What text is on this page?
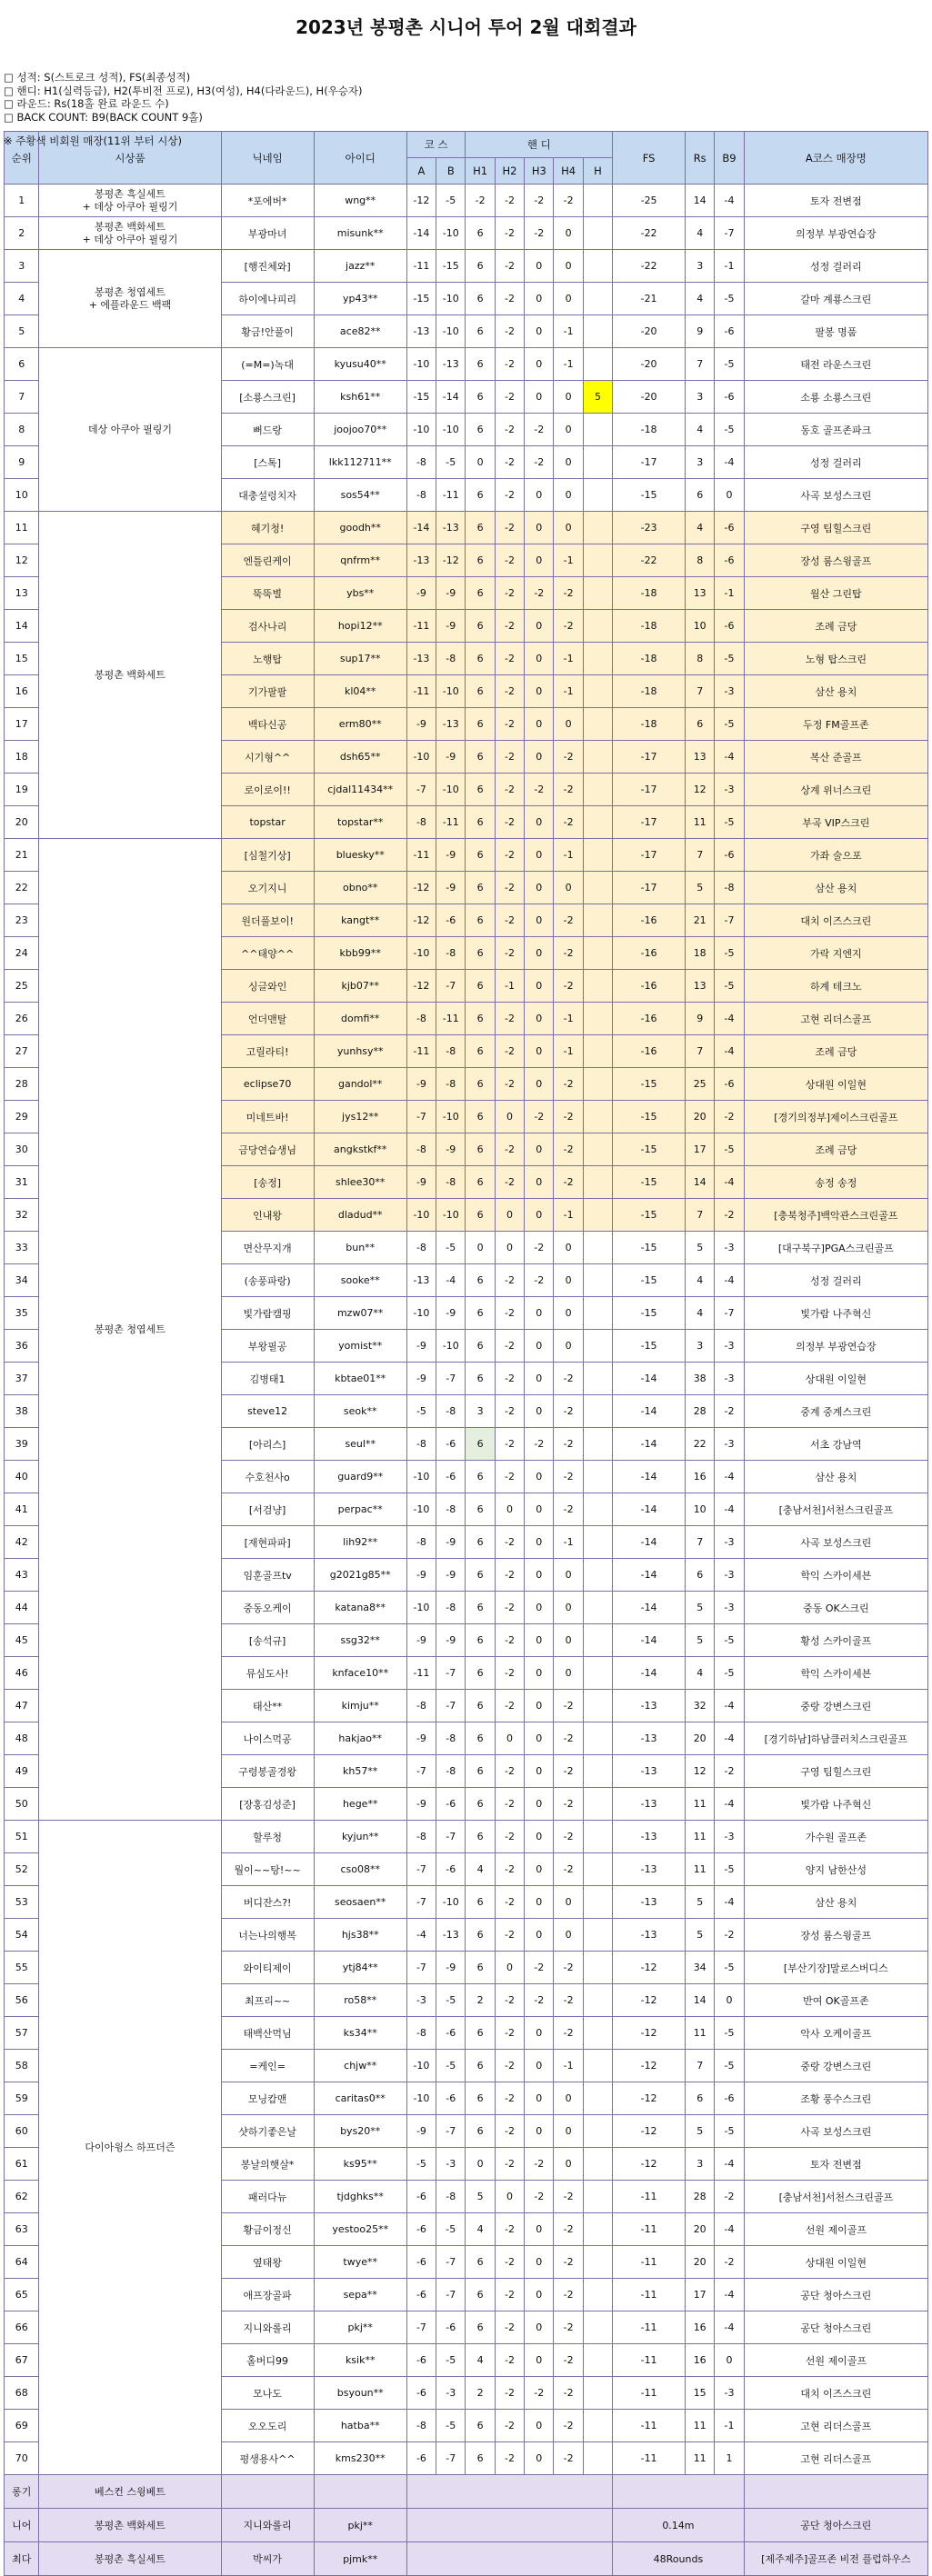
2023년 봉평촌 시니어 투어 2월 대회결과
□ 성적: S(스트로크 성적), FS(최종성적)
□ 핸디: H1(실력등급), H2(투비전 프로), H3(여성), H4(다라운드), H(우승자)
□ 라운드: Rs(18홀 완료 라운드 수)
□ BACK COUNT: B9(BACK COUNT 9홀)
※ 주황색 비회원 매장(11위 부터 시상)
순위	시상품	닉네임	아이디	코 스		핸 디					FS	Rs	B9	A코스 매장명
				A	B	H1	H2	H3	H4	H				
1	봉평촌 흑실세트
+ 데상 아쿠아 필링기	*포에버*	wng**	-12	-5	-2	-2	-2	-2		-25	14	-4	토자 전변점
2	봉평촌 백화세트
+ 데상 아쿠아 필링기	부광마녀	misunk**	-14	-10	6	-2	-2	0		-22	4	-7	의정부 부광연습장
3	봉평촌 청엽세트
+ 에플라운드 백팩	[행진체와]	jazz**	-11	-15	6	-2	0	0		-22	3	-1	성정 걸러리
4		하이에나피리	yp43**	-15	-10	6	-2	0	0		-21	4	-5	갈마 계룡스크린
5		황금!안풀이	ace82**	-13	-10	6	-2	0	-1		-20	9	-6	팔봉 명품
6	데상 아쿠아 필링기	(=M=)녹대	kyusu40**	-10	-13	6	-2	0	-1		-20	7	-5	태전 라운스크린
7		[소룡스크린]	ksh61**	-15	-14	6	-2	0	0	5	-20	3	-6	소룡 소룡스크린
8		뻐드랑	joojoo70**	-10	-10	6	-2	-2	0		-18	4	-5	동호 골프존파크
9		[스톡]	lkk112711**	-8	-5	0	-2	-2	0		-17	3	-4	성정 걸러리
10		대충설렁치자	sos54**	-8	-11	6	-2	0	0		-15	6	0	사곡 보성스크린
11	봉평촌 백화세트	혜기청!	goodh**	-14	-13	6	-2	0	0		-23	4	-6	구영 팀힐스크린
12		엔틀린케이	qnfrm**	-13	-12	6	-2	0	-1		-22	8	-6	장성 룸스윙골프
13		뚝뚝별	ybs**	-9	-9	6	-2	-2	-2		-18	13	-1	월산 그린탑
14		검사나리	hopi12**	-11	-9	6	-2	0	-2		-18	10	-6	조례 금당
15		노행탑	sup17**	-13	-8	6	-2	0	-1		-18	8	-5	노형 탑스크린
16		기가팔팔	kl04**	-11	-10	6	-2	0	-1		-18	7	-3	삼산 용치
17		백타신공	erm80**	-9	-13	6	-2	0	0		-18	6	-5	두정 FM골프존
18		시기형^^	dsh65**	-10	-9	6	-2	0	-2		-17	13	-4	복산 준골프
19		로이로이!!	cjdal11434**	-7	-10	6	-2	-2	-2		-17	12	-3	상계 위너스크린
20		topstar	topstar**	-8	-11	6	-2	0	-2		-17	11	-5	부곡 VIP스크린
21	봉평촌 청엽세트	[심철기상]	bluesky**	-11	-9	6	-2	0	-1		-17	7	-6	가좌 술으포
22		오기지니	obno**	-12	-9	6	-2	0	0		-17	5	-8	삼산 용치
23		원더풀보이!	kangt**	-12	-6	6	-2	0	-2		-16	21	-7	대치 이즈스크린
24		^^태양^^	kbb99**	-10	-8	6	-2	0	-2		-16	18	-5	가락 지엔지
25		싱글와인	kjb07**	-12	-7	6	-1	0	-2		-16	13	-5	하계 테크노
26		언더맨탈	domfi**	-8	-11	6	-2	0	-1		-16	9	-4	고현 리더스골프
27		고릴라티!	yunhsy**	-11	-8	6	-2	0	-1		-16	7	-4	조례 금당
28		eclipse70	gandol**	-9	-8	6	-2	0	-2		-15	25	-6	상대원 이일현
29		미네트바!	jys12**	-7	-10	6	0	-2	-2		-15	20	-2	[경기의정부]제이스크린골프
30		금당연습생님	angkstkf**	-8	-9	6	-2	0	-2		-15	17	-5	조례 금당
31		[송정]	shlee30**	-9	-8	6	-2	0	-2		-15	14	-4	송정 송정
32		인내왕	dladud**	-10	-10	6	0	0	-1		-15	7	-2	[충북청주]백악관스크린골프
33		면산무지개	bun**	-8	-5	0	0	-2	0		-15	5	-3	[대구북구]PGA스크린골프
34		(송풍파랑)	sooke**	-13	-4	6	-2	-2	0		-15	4	-4	성정 걸러리
35		빛가람캠핑	mzw07**	-10	-9	6	-2	0	0		-15	4	-7	빛가람 나주혁신
36		부왕필공	yomist**	-9	-10	6	-2	0	0		-15	3	-3	의정부 부광연습장
37		김병태1	kbtae01**	-9	-7	6	-2	0	-2		-14	38	-3	상대원 이일현
38		steve12	seok**	-5	-8	3	-2	0	-2		-14	28	-2	중계 중계스크린
39		[아리스]	seul**	-8	-6	6	-2	-2	-2		-14	22	-3	서초 강남역
40		수호천사o	guard9**	-10	-6	6	-2	0	-2		-14	16	-4	삼산 용치
41		[서검냥]	perpac**	-10	-8	6	0	0	-2		-14	10	-4	[충남서천]서천스크린골프
42		[재현파파]	lih92**	-8	-9	6	-2	0	-1		-14	7	-3	사곡 보성스크린
43		임훈골프tv	g2021g85**	-9	-9	6	-2	0	0		-14	6	-3	학익 스카이세븐
44		중동오케이	katana8**	-10	-8	6	-2	0	0		-14	5	-3	중동 OK스크린
45		[송석규]	ssg32**	-9	-9	6	-2	0	0		-14	5	-5	황성 스카이골프
46		뮤심도사!	knface10**	-11	-7	6	-2	0	0		-14	4	-5	학익 스카이세븐
47		태산**	kimju**	-8	-7	6	-2	0	-2		-13	32	-4	중랑 강변스크린
48		나이스먹공	hakjao**	-9	-8	6	0	0	-2		-13	20	-4	[경기하남]하남클러치스크린골프
49		구령봉골경왕	kh57**	-7	-8	6	-2	0	-2		-13	12	-2	구영 팀힐스크린
50		[장홍김성준]	hege**	-9	-6	6	-2	0	-2		-13	11	-4	빛가람 나주혁신
51	다이아윙스 하프더즌	할루청	kyjun**	-8	-7	6	-2	0	-2		-13	11	-3	가수원 골프존
52		뭘이~~탕!~~	cso08**	-7	-6	4	-2	0	-2		-13	11	-5	양지 남한산성
53		버디잔스?!	seosaen**	-7	-10	6	-2	0	0		-13	5	-4	삼산 용치
54		너는나의행복	hjs38**	-4	-13	6	-2	0	0		-13	5	-2	장성 룸스윙골프
55		와이티제이	ytj84**	-7	-9	6	0	-2	-2		-12	34	-5	[부산기장]말로스버디스
56		최프리~~	ro58**	-3	-5	2	-2	-2	-2		-12	14	0	반여 OK골프존
57		태백산먹님	ks34**	-8	-6	6	-2	0	-2		-12	11	-5	악사 오케이골프
58		=케인=	chjw**	-10	-5	6	-2	0	-1		-12	7	-5	중랑 강변스크린
59		모닝캄맨	caritas0**	-10	-6	6	-2	0	0		-12	6	-6	조황 풍수스크린
60		샷하기좋은날	bys20**	-9	-7	6	-2	0	0		-12	5	-5	사곡 보성스크린
61		봉날의햇살*	ks95**	-5	-3	0	-2	-2	0		-12	3	-4	토자 전변점
62		패러다뉴	tjdghks**	-6	-8	5	0	-2	-2		-11	28	-2	[충남서천]서천스크린골프
63		황금이정신	yestoo25**	-6	-5	4	-2	0	-2		-11	20	-4	선원 제이골프
64		옆태왕	twye**	-6	-7	6	-2	0	-2		-11	20	-2	상대원 이일현
65		애프장골파	sepa**	-6	-7	6	-2	0	-2		-11	17	-4	공단 청아스크린
66		지니와롤리	pkj**	-7	-6	6	-2	0	-2		-11	16	-4	공단 청아스크린
67		홀버디99	ksik**	-6	-5	4	-2	0	-2		-11	16	0	선원 제이골프
68		모나도	bsyoun**	-6	-3	2	-2	-2	-2		-11	15	-3	대치 이즈스크린
69		오오도리	hatba**	-8	-5	6	-2	0	-2		-11	11	-1	고현 리더스골프
70		평생용사^^	kms230**	-6	-7	6	-2	0	-2		-11	11	1	고현 리더스골프
롱기	베스컨 스윙베트													
니어	봉평촌 백화세트	지니와롤리	pkj**								0.14m			공단 청아스크린
최다	봉평촌 흑실세트	박씨가	pjmk**								48Rounds			[제주제주]골프존 비전 플럽하우스
